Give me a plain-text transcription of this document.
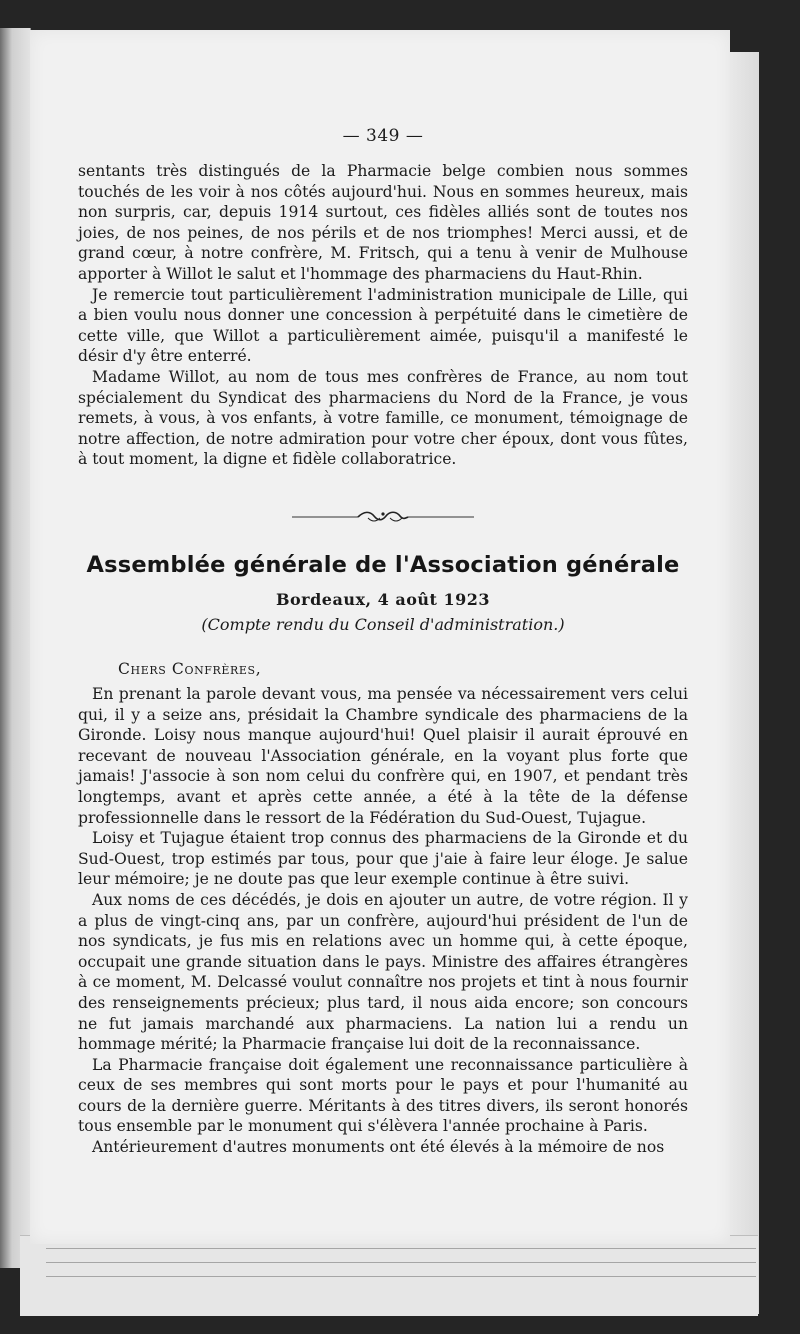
— 349 —

sentants très distingués de la Pharmacie belge combien nous sommes touchés de les voir à nos côtés aujourd'hui. Nous en sommes heureux, mais non surpris, car, depuis 1914 surtout, ces fidèles alliés sont de toutes nos joies, de nos peines, de nos périls et de nos triomphes! Merci aussi, et de grand cœur, à notre confrère, M. Fritsch, qui a tenu à venir de Mulhouse apporter à Willot le salut et l'hommage des pharmaciens du Haut-Rhin.

Je remercie tout particulièrement l'administration municipale de Lille, qui a bien voulu nous donner une concession à perpétuité dans le cimetière de cette ville, que Willot a particulièrement aimée, puisqu'il a manifesté le désir d'y être enterré.

Madame Willot, au nom de tous mes confrères de France, au nom tout spécialement du Syndicat des pharmaciens du Nord de la France, je vous remets, à vous, à vos enfants, à votre famille, ce monument, témoignage de notre affection, de notre admiration pour votre cher époux, dont vous fûtes, à tout moment, la digne et fidèle collaboratrice.

Assemblée générale de l'Association générale
Bordeaux, 4 août 1923
(Compte rendu du Conseil d'administration.)
Chers Confrères,

En prenant la parole devant vous, ma pensée va nécessairement vers celui qui, il y a seize ans, présidait la Chambre syndicale des pharmaciens de la Gironde. Loisy nous manque aujourd'hui! Quel plaisir il aurait éprouvé en recevant de nouveau l'Association générale, en la voyant plus forte que jamais! J'associe à son nom celui du confrère qui, en 1907, et pendant très longtemps, avant et après cette année, a été à la tête de la défense professionnelle dans le ressort de la Fédération du Sud-Ouest, Tujague.

Loisy et Tujague étaient trop connus des pharmaciens de la Gironde et du Sud-Ouest, trop estimés par tous, pour que j'aie à faire leur éloge. Je salue leur mémoire; je ne doute pas que leur exemple continue à être suivi.

Aux noms de ces décédés, je dois en ajouter un autre, de votre région. Il y a plus de vingt-cinq ans, par un confrère, aujourd'hui président de l'un de nos syndicats, je fus mis en relations avec un homme qui, à cette époque, occupait une grande situation dans le pays. Ministre des affaires étrangères à ce moment, M. Delcassé voulut connaître nos projets et tint à nous fournir des renseignements précieux; plus tard, il nous aida encore; son concours ne fut jamais marchandé aux pharmaciens. La nation lui a rendu un hommage mérité; la Pharmacie française lui doit de la reconnaissance.

La Pharmacie française doit également une reconnaissance particulière à ceux de ses membres qui sont morts pour le pays et pour l'humanité au cours de la dernière guerre. Méritants à des titres divers, ils seront honorés tous ensemble par le monument qui s'élèvera l'année prochaine à Paris.

Antérieurement d'autres monuments ont été élevés à la mémoire de nos
